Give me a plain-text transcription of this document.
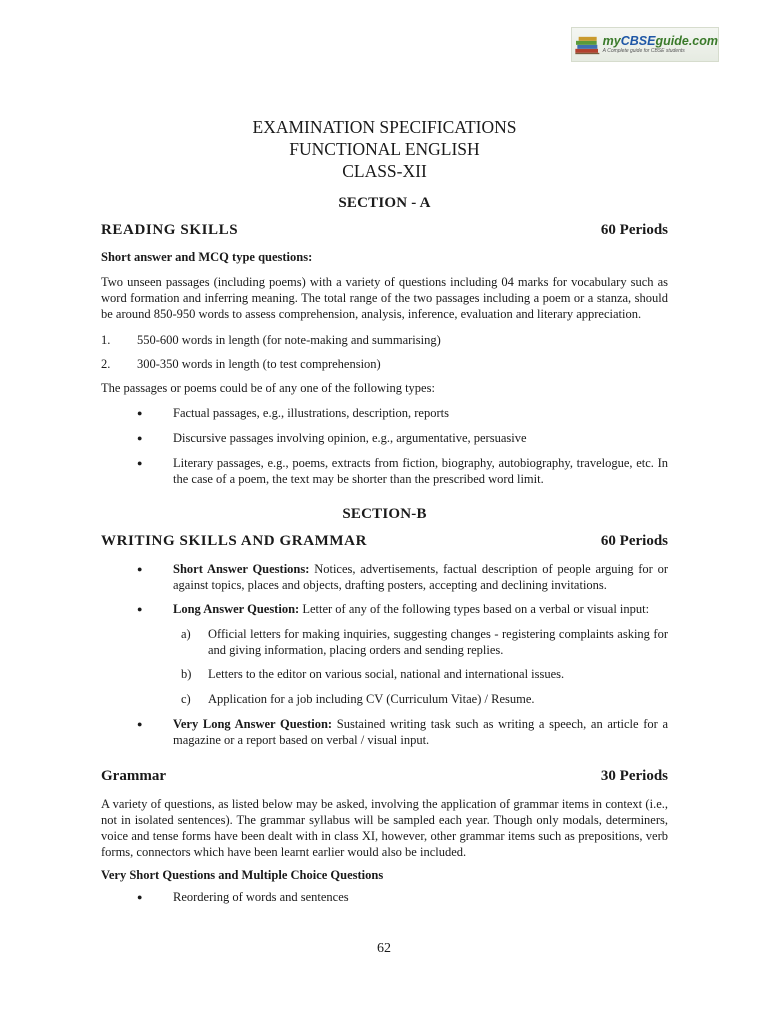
myCBSEguide.com
A Complete guide for CBSE students
EXAMINATION SPECIFICATIONS
FUNCTIONAL ENGLISH
CLASS-XII
SECTION - A
READING SKILLS	60 Periods
Short answer and MCQ type questions:
Two unseen passages (including poems) with a variety of questions including 04 marks for vocabulary such as word formation and inferring meaning. The total range of the two passages including a poem or a stanza, should be around 850-950 words to assess comprehension, analysis, inference, evaluation and literary appreciation.
1. 550-600 words in length (for note-making and summarising)
2. 300-350 words in length (to test comprehension)
The passages or poems could be of any one of the following types:
● Factual passages, e.g., illustrations, description, reports
● Discursive passages involving opinion, e.g., argumentative, persuasive
● Literary passages, e.g., poems, extracts from fiction, biography, autobiography, travelogue, etc. In the case of a poem, the text may be shorter than the prescribed word limit.
SECTION-B
WRITING SKILLS AND GRAMMAR	60 Periods
● Short Answer Questions: Notices, advertisements, factual description of people arguing for or against topics, places and objects, drafting posters, accepting and declining invitations.
● Long Answer Question: Letter of any of the following types based on a verbal or visual input:
a) Official letters for making inquiries, suggesting changes - registering complaints asking for and giving information, placing orders and sending replies.
b) Letters to the editor on various social, national and international issues.
c) Application for a job including CV (Curriculum Vitae) / Resume.
● Very Long Answer Question: Sustained writing task such as writing a speech, an article for a magazine or a report based on verbal / visual input.
Grammar	30 Periods
A variety of questions, as listed below may be asked, involving the application of grammar items in context (i.e., not in isolated sentences). The grammar syllabus will be sampled each year. Though only modals, determiners, voice and tense forms have been dealt with in class XI, however, other grammar items such as prepositions, verb forms, connectors which have been learnt earlier would also be included.
Very Short Questions and Multiple Choice Questions
● Reordering of words and sentences
62
